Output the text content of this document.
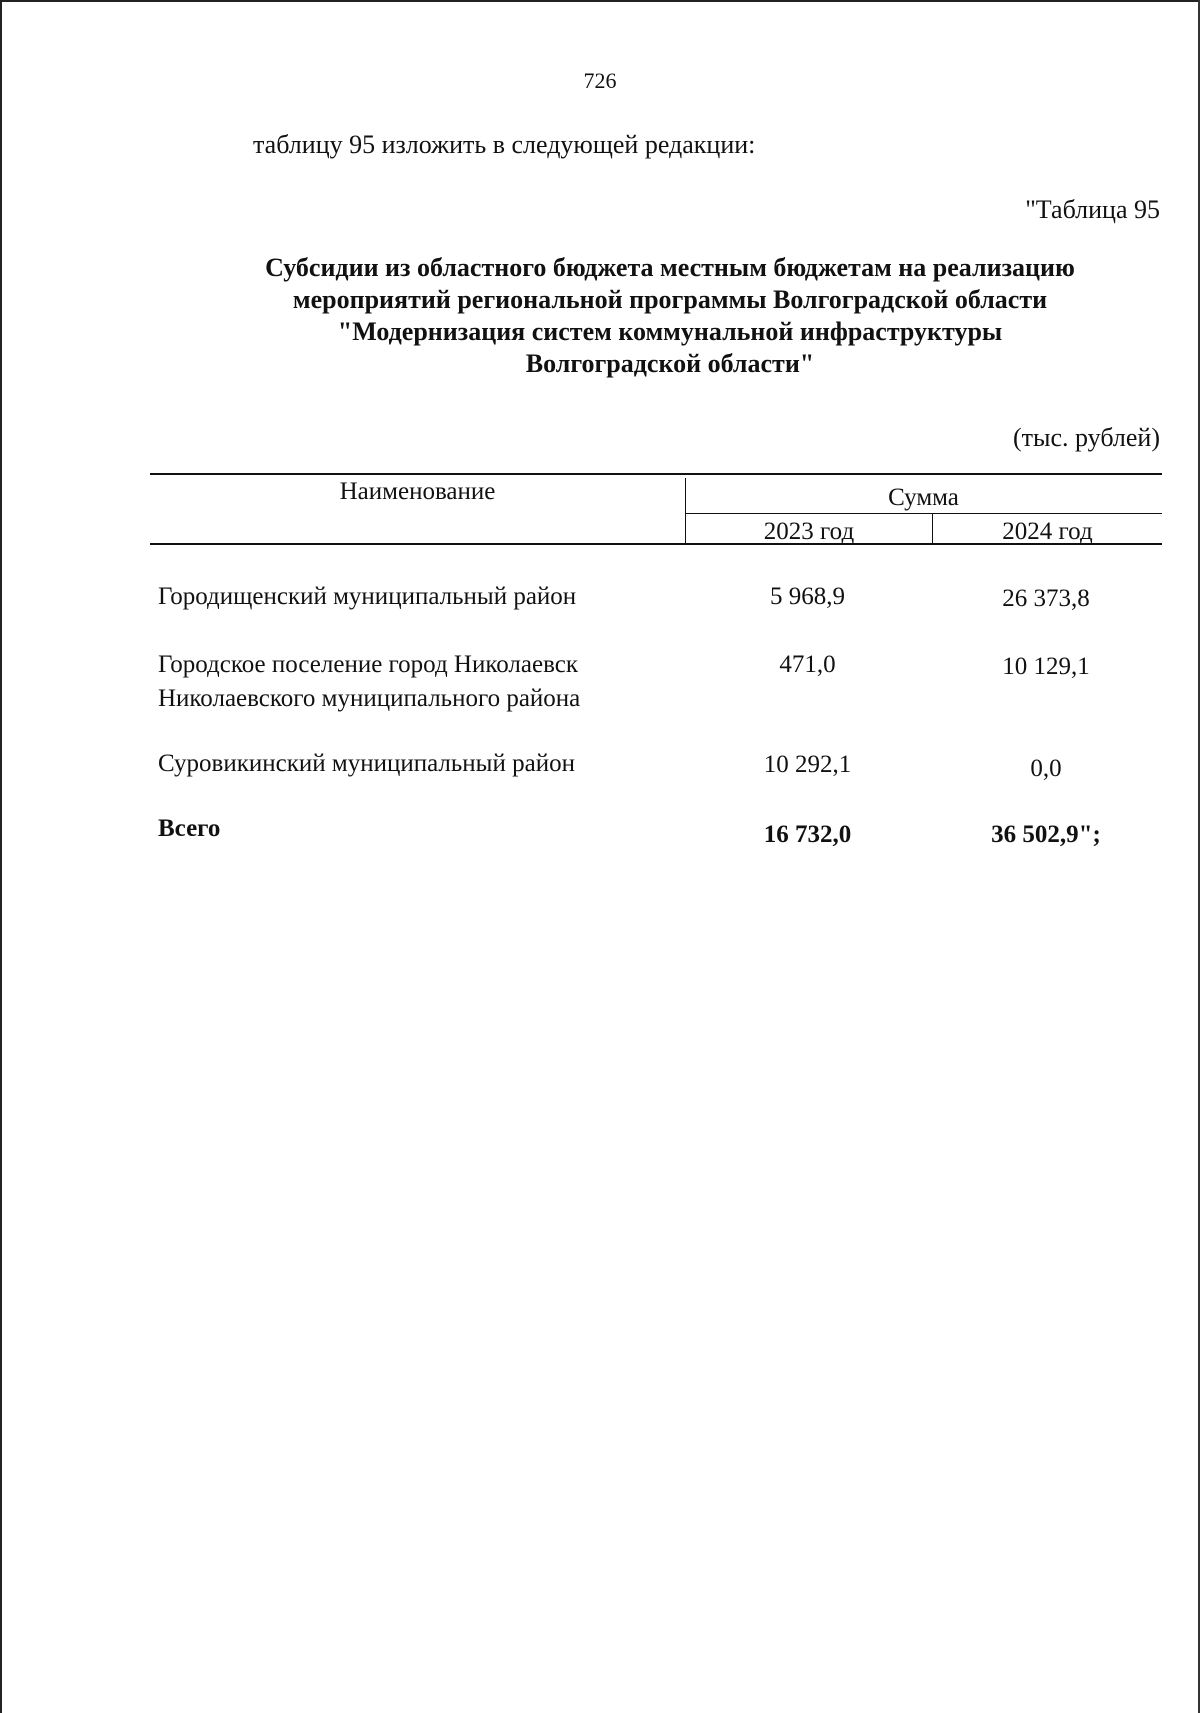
726
таблицу 95 изложить в следующей редакции:
"Таблица 95
Субсидии из областного бюджета местным бюджетам на реализацию
мероприятий региональной программы Волгоградской области
"Модернизация систем коммунальной инфраструктуры
Волгоградской области"
(тыс. рублей)
Наименование	Сумма
2023 год	2024 год
Городищенский муниципальный район	5 968,9	26 373,8
Городское поселение город Николаевск
Николаевского муниципального района
471,0	10 129,1
Суровикинский муниципальный район	10 292,1	0,0
Всего	16 732,0	36 502,9";
